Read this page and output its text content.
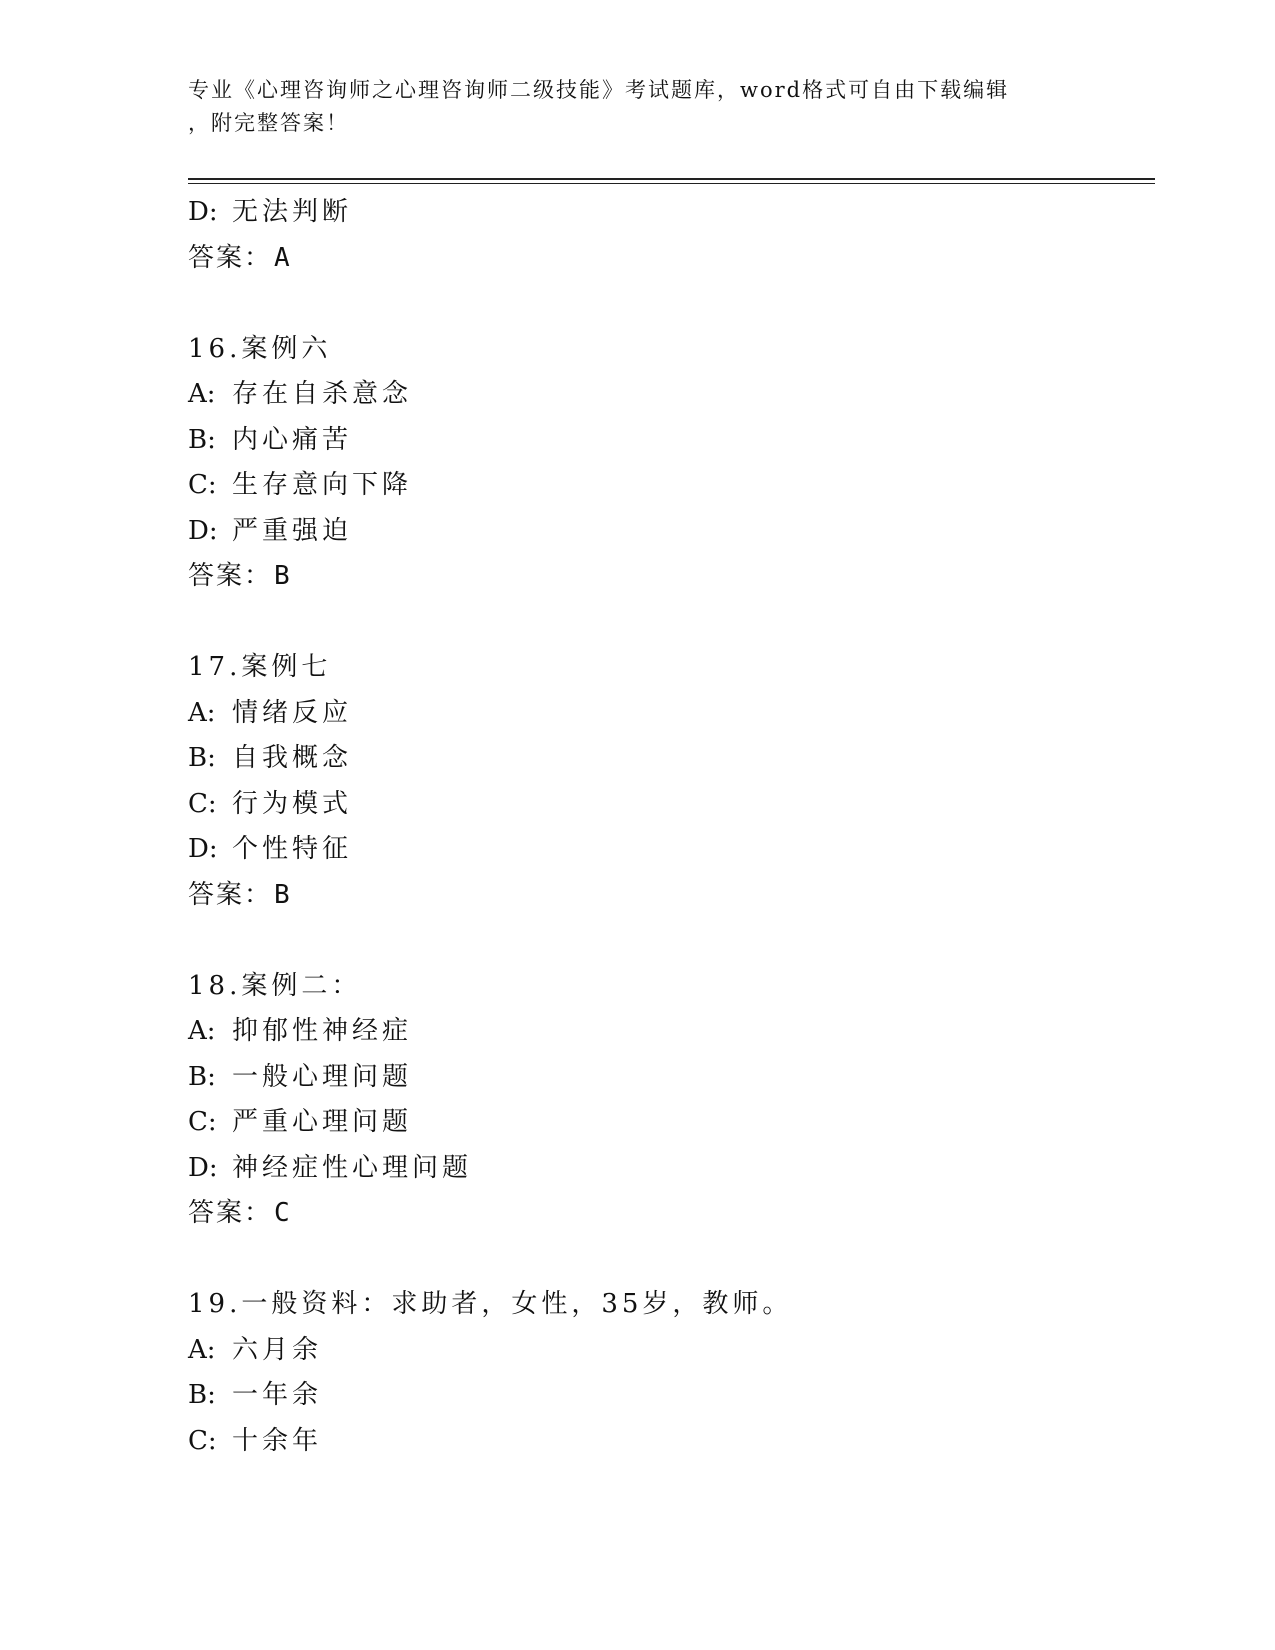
专业《心理咨询师之心理咨询师二级技能》考试题库，word格式可自由下载编辑
，附完整答案！
D: 无法判断
答案：A
16.案例六
A: 存在自杀意念
B: 内心痛苦
C: 生存意向下降
D: 严重强迫
答案：B
17.案例七
A: 情绪反应
B: 自我概念
C: 行为模式
D: 个性特征
答案：B
18.案例二：
A: 抑郁性神经症
B: 一般心理问题
C: 严重心理问题
D: 神经症性心理问题
答案：C
19.一般资料：求助者，女性，35岁，教师。
A: 六月余
B: 一年余
C: 十余年
